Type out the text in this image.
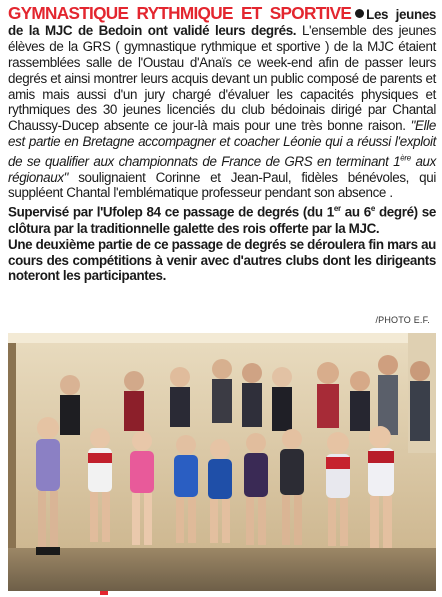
GYMNASTIQUE RYTHMIQUE ET SPORTIVE Les jeunes de la MJC de Bedoin ont validé leurs degrés. L'ensemble des jeunes élèves de la GRS ( gymnastique rythmique et sportive ) de la MJC étaient rassemblées salle de l'Oustau d'Anaïs ce week-end afin de passer leurs degrés et ainsi montrer leurs acquis devant un public composé de parents et amis mais aussi d'un jury chargé d'évaluer les capacités physiques et rythmiques des 30 jeunes licenciés du club bédoinais dirigé par Chantal Chaussy-Ducep absente ce jour-là mais pour une très bonne raison. "Elle est partie en Bretagne accompagner et coacher Léonie qui a réussi l'exploit de se qualifier aux championnats de France de GRS en terminant 1ère aux régionaux" soulignaient Corinne et Jean-Paul, fidèles bénévoles, qui suppléent Chantal l'emblématique professeur pendant son absence .

Supervisé par l'Ufolep 84 ce passage de degrés (du 1er au 6e degré) se clôtura par la traditionnelle galette des rois offerte par la MJC.

Une deuxième partie de ce passage de degrés se déroulera fin mars au cours des compétitions à venir avec d'autres clubs dont les dirigeants noteront les participantes.

/PHOTO E.F.
